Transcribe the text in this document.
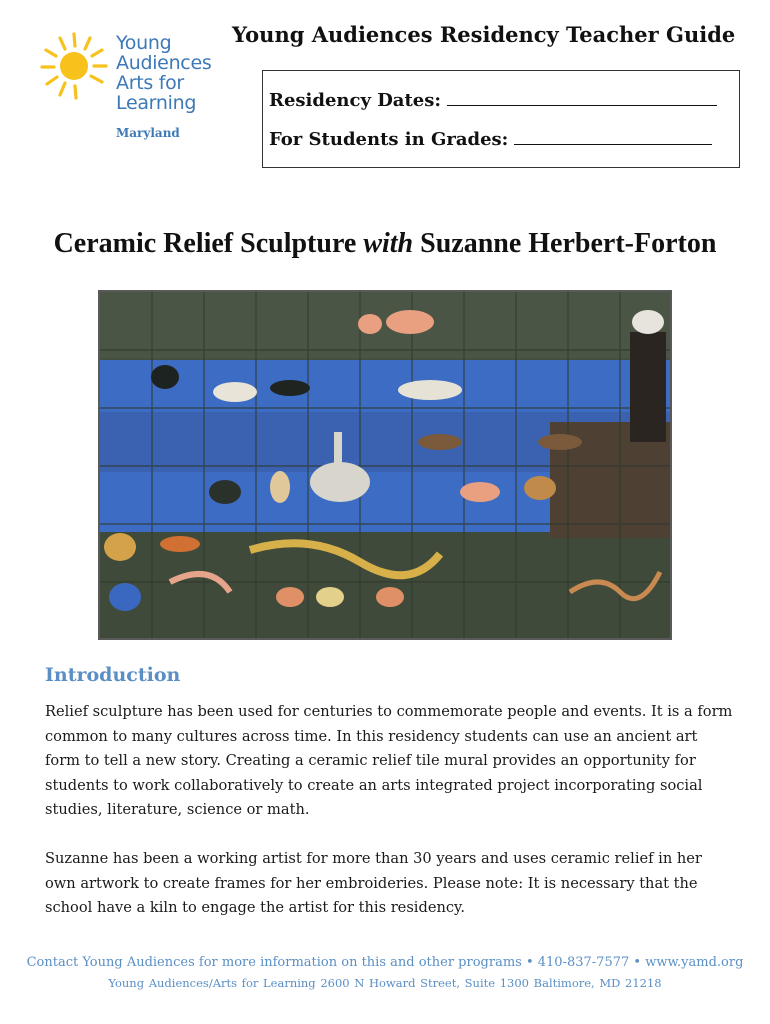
Young
Audiences
Arts for
Learning
Maryland
Young Audiences Residency Teacher Guide
Residency Dates:
For Students in Grades:
Ceramic Relief Sculpture with Suzanne Herbert-Forton
Introduction
Relief sculpture has been used for centuries to commemorate people and events. It is a form common to many cultures across time. In this residency students can use an ancient art form to tell a new story. Creating a ceramic relief tile mural provides an opportunity for students to work collaboratively to create an arts integrated project incorporating social studies, literature, science or math.
Suzanne has been a working artist for more than 30 years and uses ceramic relief in her own artwork to create frames for her embroideries. Please note: It is necessary that the school have a kiln to engage the artist for this residency.
Contact Young Audiences for more information on this and other programs • 410-837-7577 • www.yamd.org
Young Audiences/Arts for Learning 2600 N Howard Street, Suite 1300 Baltimore, MD 21218
